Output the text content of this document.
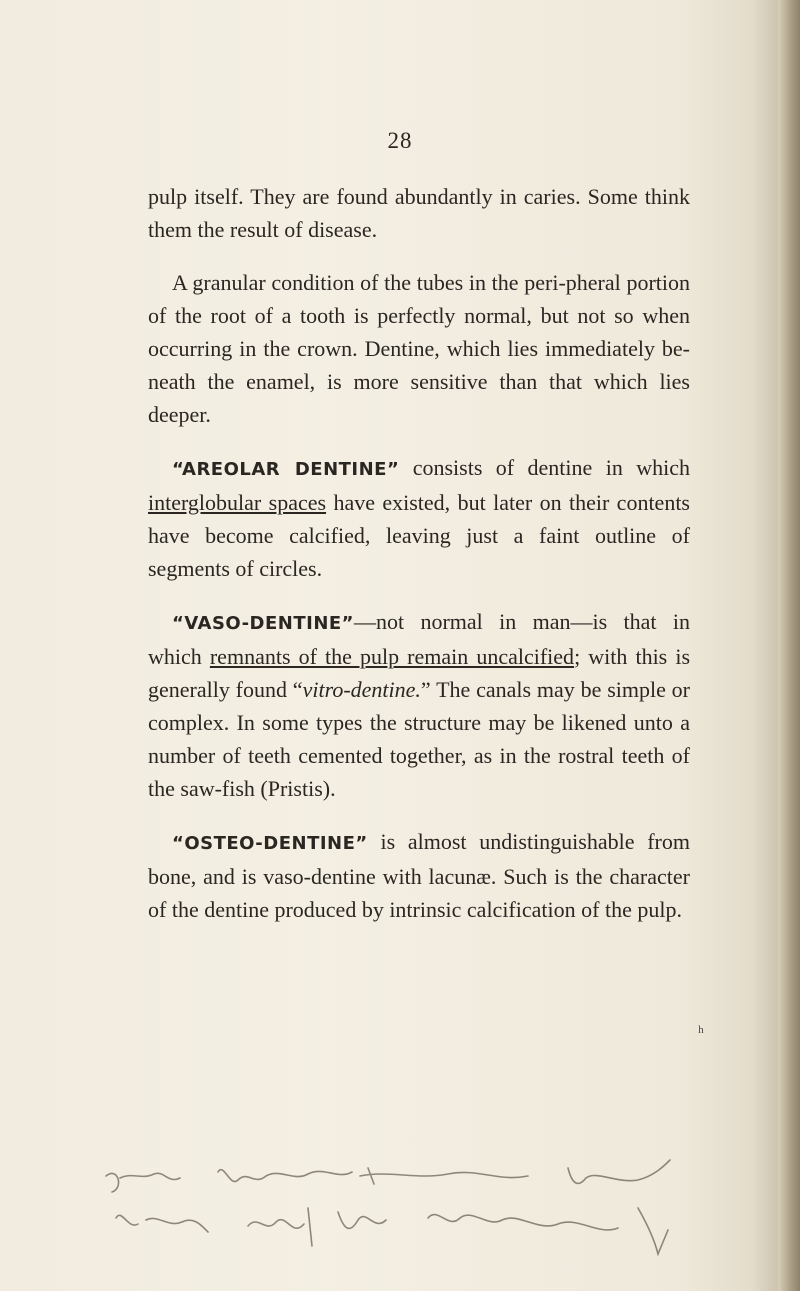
28

pulp itself. They are found abundantly in caries. Some think them the result of disease.

A granular condition of the tubes in the peri-pheral portion of the root of a tooth is perfectly normal, but not so when occurring in the crown. Dentine, which lies immediately be-neath the enamel, is more sensitive than that which lies deeper.

“AREOLAR DENTINE” consists of dentine in which interglobular spaces have existed, but later on their contents have become calcified, leaving just a faint outline of segments of circles.

“VASO-DENTINE”—not normal in man—is that in which remnants of the pulp remain uncalcified; with this is generally found “vitro-dentine.” The canals may be simple or complex. In some types the structure may be likened unto a number of teeth cemented together, as in the rostral teeth of the saw-fish (Pristis).

“OSTEO-DENTINE” is almost undistinguishable from bone, and is vaso-dentine with lacunæ. Such is the character of the dentine produced by intrinsic calcification of the pulp.

ʰ
